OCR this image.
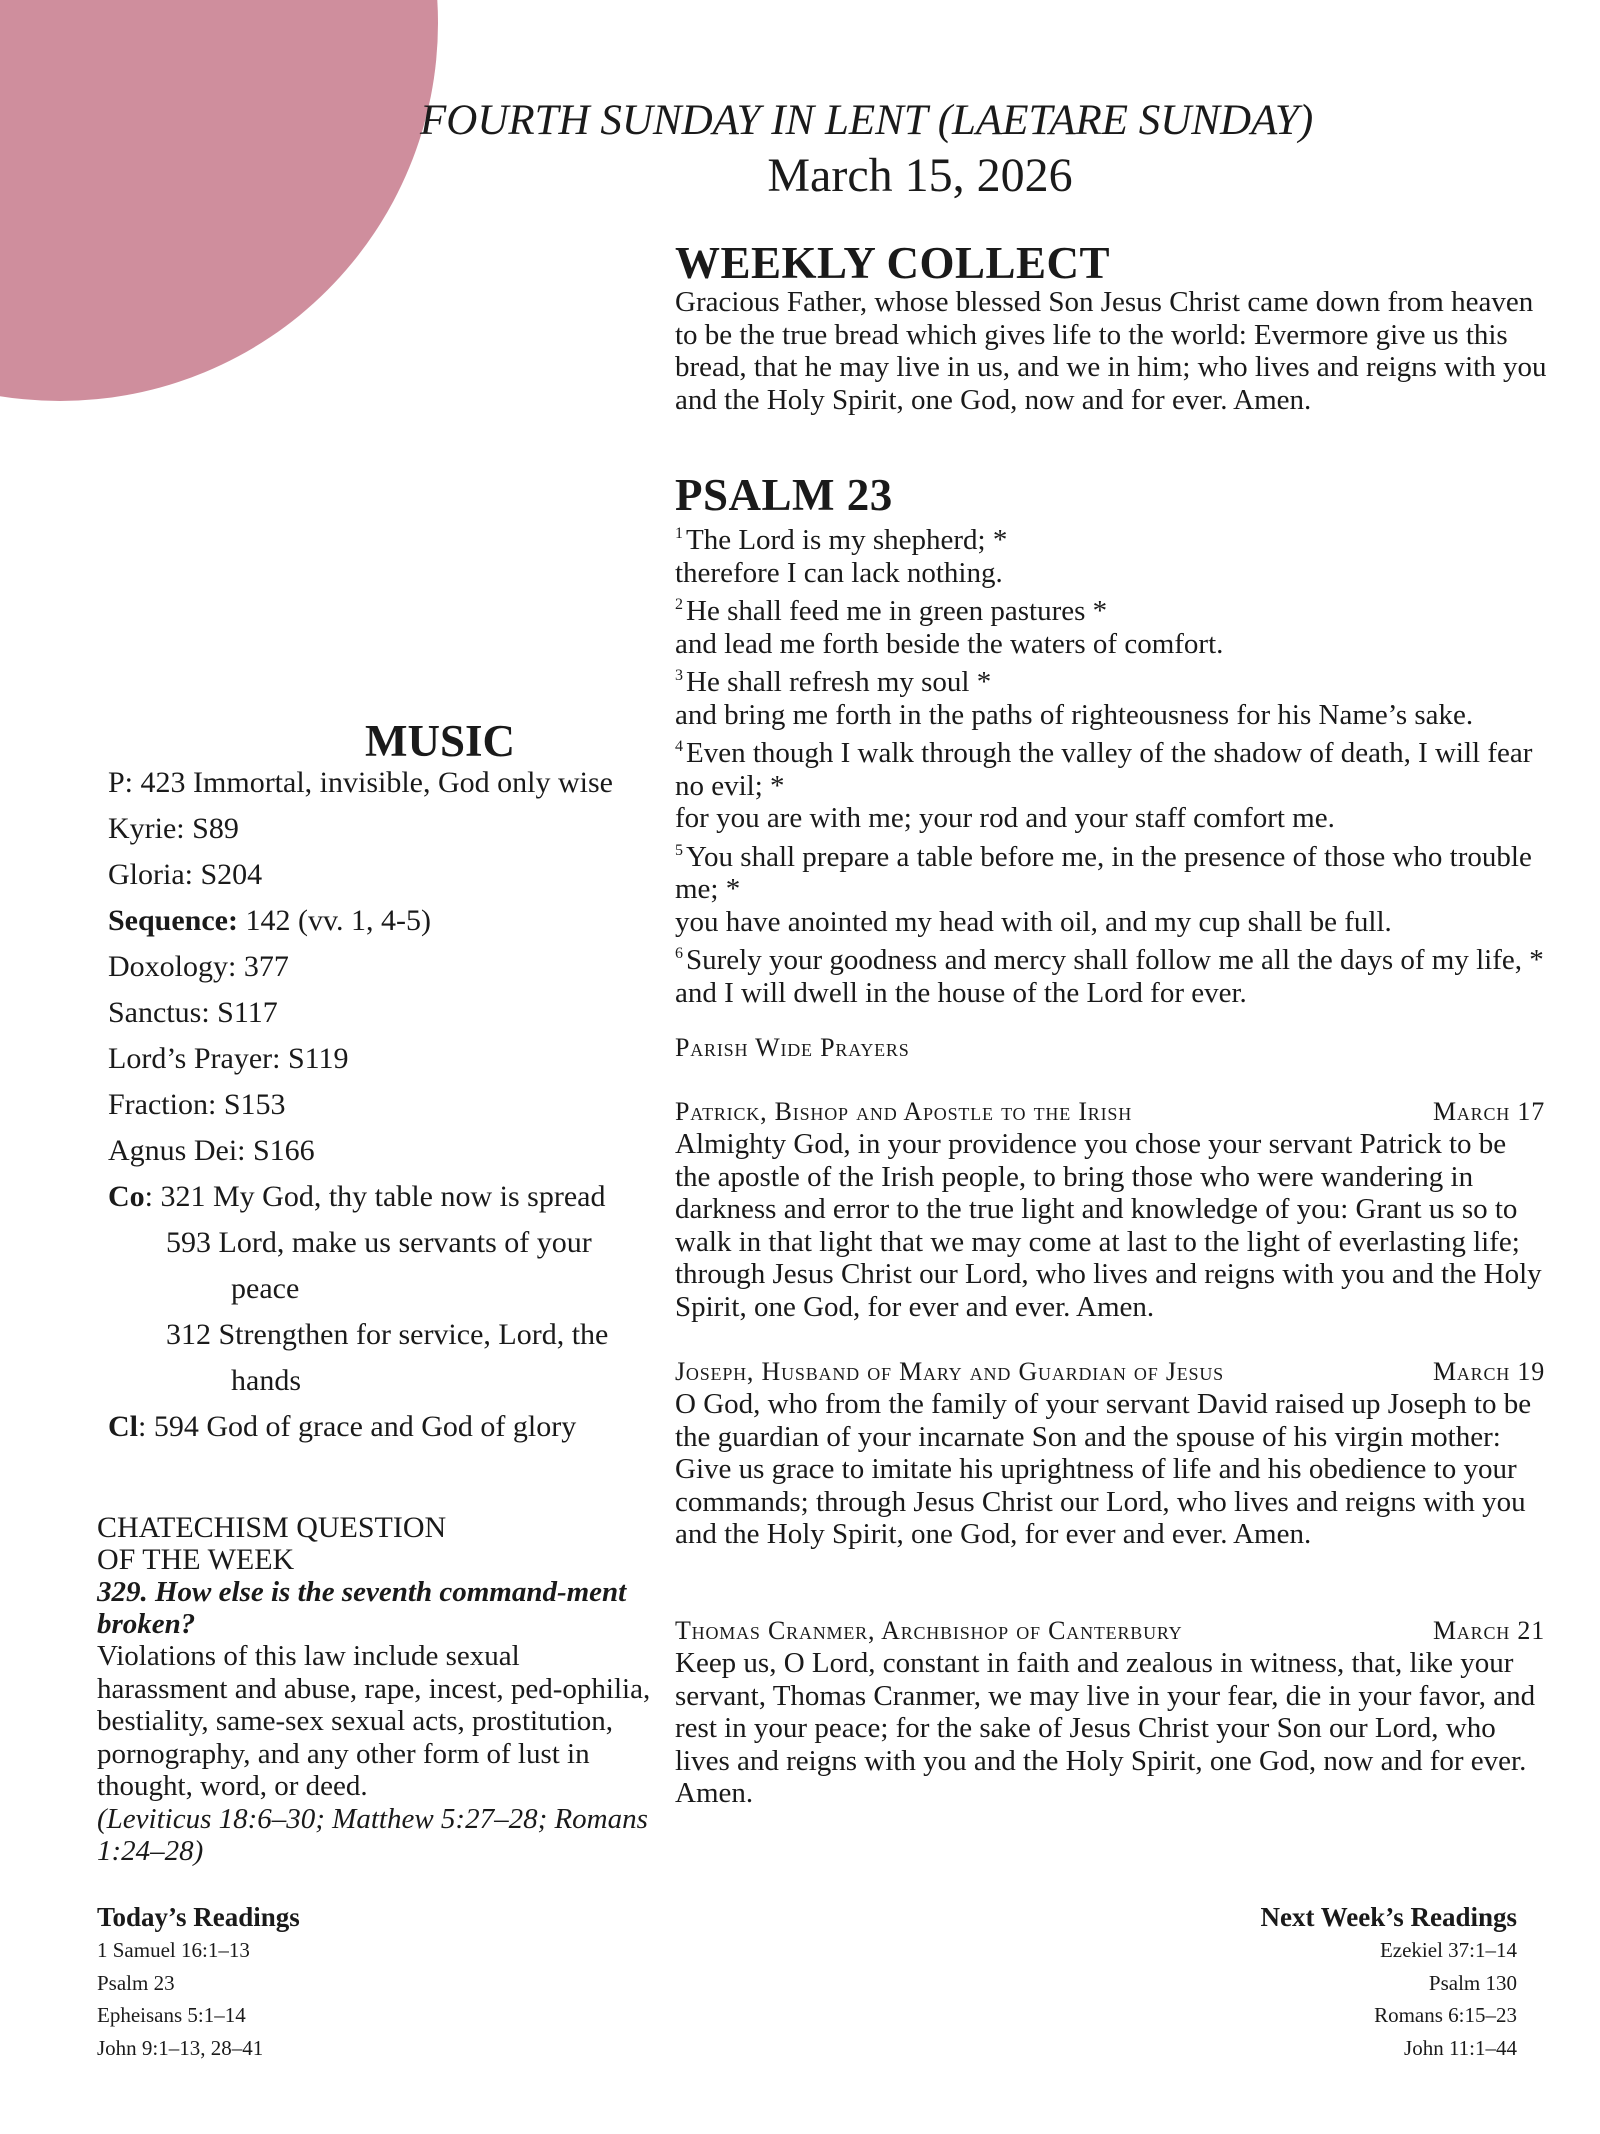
FOURTH SUNDAY IN LENT (LAETARE SUNDAY)
March 15, 2026
WEEKLY COLLECT
Gracious Father, whose blessed Son Jesus Christ came down from heaven to be the true bread which gives life to the world: Evermore give us this bread, that he may live in us, and we in him; who lives and reigns with you and the Holy Spirit, one God, now and for ever. Amen.
PSALM 23
$^1$ The Lord is my shepherd; *
therefore I can lack nothing.
$^2$ He shall feed me in green pastures *
and lead me forth beside the waters of comfort.
$^3$ He shall refresh my soul *
and bring me forth in the paths of righteousness for his Name’s sake.
$^4$ Even though I walk through the valley of the shadow of death, I will fear no evil; *
for you are with me; your rod and your staff comfort me.
$^5$ You shall prepare a table before me, in the presence of those who trouble me; *
you have anointed my head with oil, and my cup shall be full.
$^6$ Surely your goodness and mercy shall follow me all the days of my life, *
and I will dwell in the house of the Lord for ever.
Parish Wide Prayers
Patrick, Bishop and Apostle to the Irish	March 17
Almighty God, in your providence you chose your servant Patrick to be the apostle of the Irish people, to bring those who were wandering in darkness and error to the true light and knowledge of you: Grant us so to walk in that light that we may come at last to the light of everlasting life; through Jesus Christ our Lord, who lives and reigns with you and the Holy Spirit, one God, for ever and ever. Amen.
Joseph, Husband of Mary and Guardian of Jesus	March 19
O God, who from the family of your servant David raised up Joseph to be the guardian of your incarnate Son and the spouse of his virgin mother: Give us grace to imitate his uprightness of life and his obedience to your commands; through Jesus Christ our Lord, who lives and reigns with you and the Holy Spirit, one God, for ever and ever. Amen.
Thomas Cranmer, Archbishop of Canterbury	March 21
Keep us, O Lord, constant in faith and zealous in witness, that, like your servant, Thomas Cranmer, we may live in your fear, die in your favor, and rest in your peace; for the sake of Jesus Christ your Son our Lord, who lives and reigns with you and the Holy Spirit, one God, now and for ever. Amen.
MUSIC
P: 423 Immortal, invisible, God only wise
Kyrie: S89
Gloria: S204
Sequence: 142 (vv. 1, 4-5)
Doxology: 377
Sanctus: S117
Lord’s Prayer: S119
Fraction: S153
Agnus Dei: S166
Co: 321 My God, thy table now is spread
593 Lord, make us servants of your
peace
312 Strengthen for service, Lord, the
hands
Cl: 594 God of grace and God of glory
CHATECHISM QUESTION
OF THE WEEK
329. How else is the seventh command-ment broken?
Violations of this law include sexual harassment and abuse, rape, incest, ped-ophilia, bestiality, same-sex sexual acts, prostitution, pornography, and any other form of lust in thought, word, or deed.
(Leviticus 18:6–30; Matthew 5:27–28; Romans 1:24–28)
Today’s Readings
1 Samuel 16:1–13
Psalm 23
Epheisans 5:1–14
John 9:1–13, 28–41
Next Week’s Readings
Ezekiel 37:1–14
Psalm 130
Romans 6:15–23
John 11:1–44
